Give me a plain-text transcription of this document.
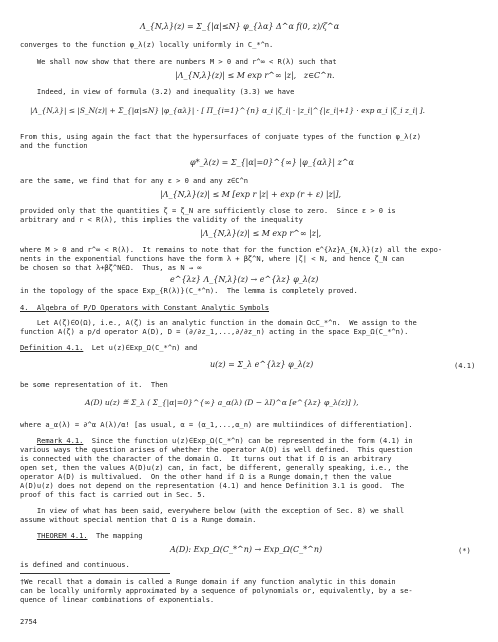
Λ_{N,λ}(z) = Σ_{|α|≤N} φ_{λα} Δ^α f(0, z)/ζ^α
converges to the function φ_λ(z) locally uniformly in C_*^n.
We shall now show that there are numbers M > 0 and r^∞ < R(λ) such that
|Λ_{N,λ}(z)| ≤ M exp r^∞ |z|,   z∈C^n.
Indeed, in view of formula (3.2) and inequality (3.3) we have
|Λ_{N,λ}| ≤ |S_N(z)| + Σ_{|α|≤N} |φ_{αλ}| · [ Π_{i=1}^{n} α_i |ζ_i| · |z_i|^{|ε_i|+1} · exp α_i |ζ_i z_i| ].
From this, using again the fact that the hypersurfaces of conjuate types of the function φ_λ(z)
and the function
φ*_λ(z) = Σ_{|α|=0}^{∞} |φ_{αλ}| z^α
are the same, we find that for any ε > 0 and any z∈C^n
|Λ_{N,λ}(z)| ≤ M [exp r |z| + exp (r + ε) |z|],
provided only that the quantities ζ = ζ_N are sufficiently close to zero.  Since ε > 0 is
arbitrary and r < R(λ), this implies the validity of the inequality
|Λ_{N,λ}(z)| ≤ M exp r^∞ |z|,
where M > 0 and r^∞ < R(λ).  It remains to note that for the function e^{λz}Λ_{N,λ}(z) all the expo-
nents in the exponential functions have the form λ + β̃ζ^N, where |ζ| < N, and hence ζ_N can
be chosen so that λ+β̃ζ^N∈Ω.  Thus, as N → ∞
e^{λz} Λ_{N,λ}(z) → e^{λz} φ_λ(z)
in the topology of the space Exp_{R(λ)}(C_*^n).  The lemma is completely proved.
4.  Algebra of P/D Operators with Constant Analytic Symbols
Let A(ζ)∈O(Ω), i.e., A(ζ) is an analytic function in the domain Ω⊂C_*^n.  We assign to the
function A(ζ) a p/d operator A(D), D = (∂/∂z_1,...,∂/∂z_n) acting in the space Exp_Ω(C_*^n).
Definition 4.1.  Let u(z)∈Exp_Ω(C_*^n) and
u(z) = Σ_λ e^{λz} φ_λ(z)	(4.1)
be some representation of it.  Then
A(D) u(z) ≝ Σ_λ ( Σ_{|α|=0}^{∞} a_α(λ) (D − λI)^α [e^{λz} φ_λ(z)] ),
where a_α(λ) = ∂^α A(λ)/α! [as usual, α = (α_1,...,α_n) are multiindices of differentiation].
Remark 4.1.  Since the function u(z)∈Exp_Ω(C_*^n) can be represented in the form (4.1) in
various ways the question arises of whether the operator A(D) is well defined.  This question
is connected with the character of the domain Ω.  It turns out that if Ω is an arbitrary
open set, then the values A(D)u(z) can, in fact, be different, generally speaking, i.e., the
operator A(D) is multivalued.  On the other hand if Ω is a Runge domain,† then the value
A(D)u(z) does not depend on the representation (4.1) and hence Definition 3.1 is good.  The
proof of this fact is carried out in Sec. 5.
In view of what has been said, everywhere below (with the exception of Sec. 8) we shall
assume without special mention that Ω is a Runge domain.
THEOREM 4.1.  The mapping
A(D): Exp_Ω(C_*^n) → Exp_Ω(C_*^n)	(*)
is defined and continuous.
†We recall that a domain is called a Runge domain if any function analytic in this domain
can be locally uniformly approximated by a sequence of polynomials or, equivalently, by a se-
quence of linear combinations of exponentials.
2754
